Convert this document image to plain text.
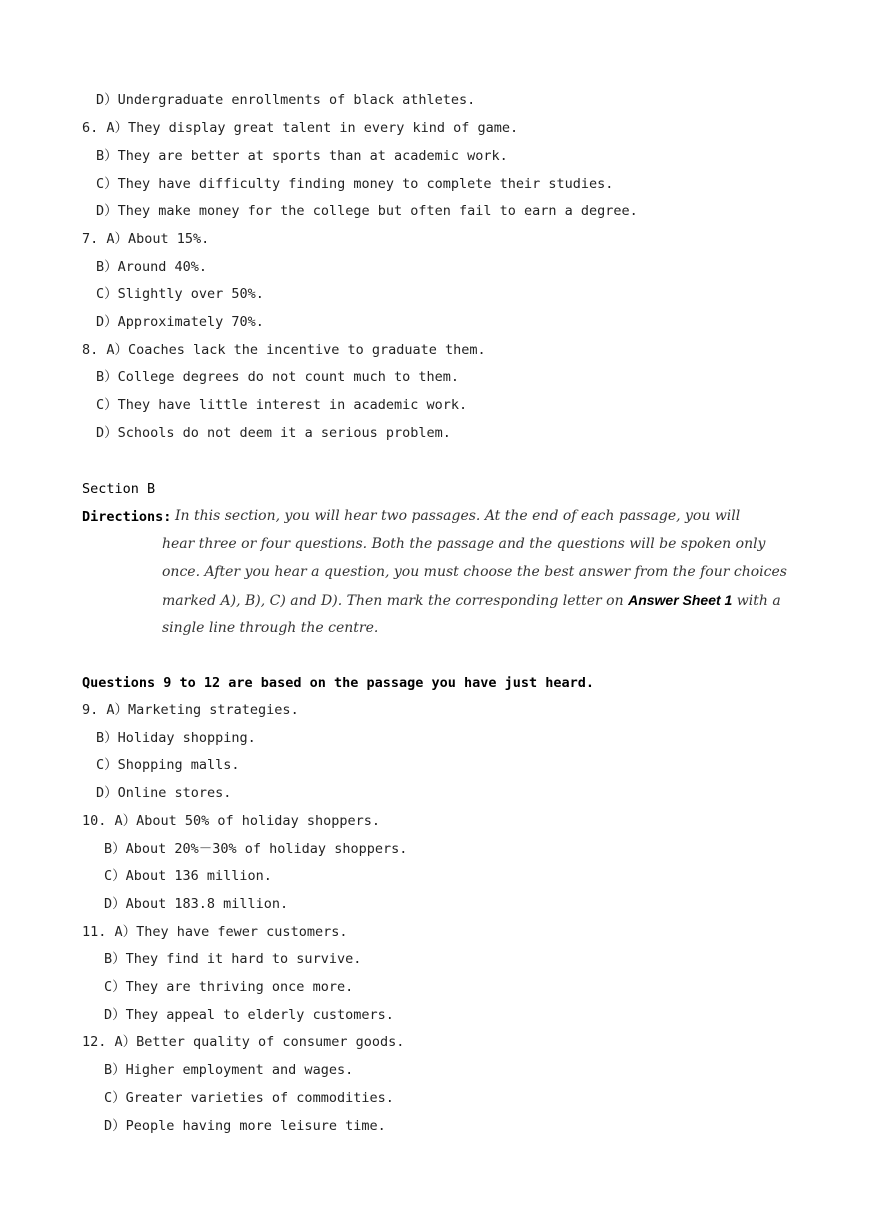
D）Undergraduate enrollments of black athletes.
6. A）They display great talent in every kind of game.
B）They are better at sports than at academic work.
C）They have difficulty finding money to complete their studies.
D）They make money for the college but often fail to earn a degree.
7. A）About 15%.
B）Around 40%.
C）Slightly over 50%.
D）Approximately 70%.
8. A）Coaches lack the incentive to graduate them.
B）College degrees do not count much to them.
C）They have little interest in academic work.
D）Schools do not deem it a serious problem.
Section B
Directions: In this section, you will hear two passages. At the end of each passage, you will
hear three or four questions. Both the passage and the questions will be spoken only once. After you hear a question, you must choose the best answer from the four choices marked A), B), C) and D). Then mark the corresponding letter on Answer Sheet 1 with a single line through the centre.
Questions 9 to 12 are based on the passage you have just heard.
9. A）Marketing strategies.
B）Holiday shopping.
C）Shopping malls.
D）Online stores.
10. A）About 50% of holiday shoppers.
B）About 20%－30% of holiday shoppers.
C）About 136 million.
D）About 183.8 million.
11. A）They have fewer customers.
B）They find it hard to survive.
C）They are thriving once more.
D）They appeal to elderly customers.
12. A）Better quality of consumer goods.
B）Higher employment and wages.
C）Greater varieties of commodities.
D）People having more leisure time.
